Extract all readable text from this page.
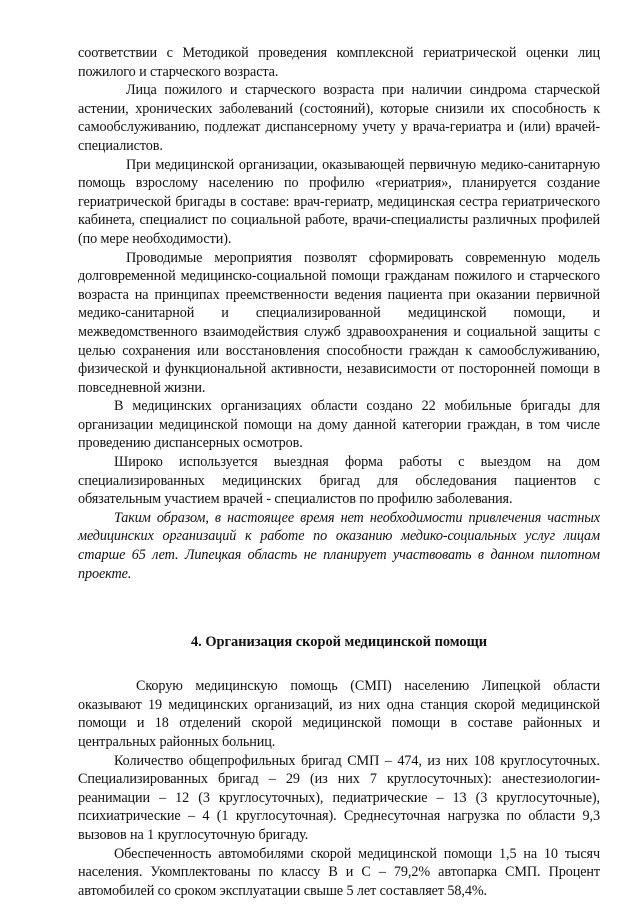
соответствии с Методикой проведения комплексной гериатрической оценки лиц пожилого и старческого возраста.

Лица пожилого и старческого возраста при наличии синдрома старческой астении, хронических заболеваний (состояний), которые снизили их способность к самообслуживанию, подлежат диспансерному учету у врача-гериатра и (или) врачей-специалистов.

При медицинской организации, оказывающей первичную медико-санитарную помощь взрослому населению по профилю «гериатрия», планируется создание гериатрической бригады в составе: врач-гериатр, медицинская сестра гериатрического кабинета, специалист по социальной работе, врачи-специалисты различных профилей (по мере необходимости).

Проводимые мероприятия позволят сформировать современную модель долговременной медицинско-социальной помощи гражданам пожилого и старческого возраста на принципах преемственности ведения пациента при оказании первичной медико-санитарной и специализированной медицинской помощи, и межведомственного взаимодействия служб здравоохранения и социальной защиты с целью сохранения или восстановления способности граждан к самообслуживанию, физической и функциональной активности, независимости от посторонней помощи в повседневной жизни.

В медицинских организациях области создано 22 мобильные бригады для организации медицинской помощи на дому данной категории граждан, в том числе проведению диспансерных осмотров.

Широко используется выездная форма работы с выездом на дом специализированных медицинских бригад для обследования пациентов с обязательным участием врачей - специалистов по профилю заболевания.

Таким образом, в настоящее время нет необходимости привлечения частных медицинских организаций к работе по оказанию медико-социальных услуг лицам старше 65 лет. Липецкая область не планирует участвовать в данном пилотном проекте.

4. Организация скорой медицинской помощи

Скорую медицинскую помощь (СМП) населению Липецкой области оказывают 19 медицинских организаций, из них одна станция скорой медицинской помощи и 18 отделений скорой медицинской помощи в составе районных и центральных районных больниц.

Количество общепрофильных бригад СМП – 474, из них 108 круглосуточных. Специализированных бригад – 29 (из них 7 круглосуточных): анестезиологии-реанимации – 12 (3 круглосуточных), педиатрические – 13 (3 круглосуточные), психиатрические – 4 (1 круглосуточная). Среднесуточная нагрузка по области 9,3 вызовов на 1 круглосуточную бригаду.

Обеспеченность автомобилями скорой медицинской помощи 1,5 на 10 тысяч населения. Укомплектованы по классу В и С – 79,2% автопарка СМП. Процент автомобилей со сроком эксплуатации свыше 5 лет составляет 58,4%.
